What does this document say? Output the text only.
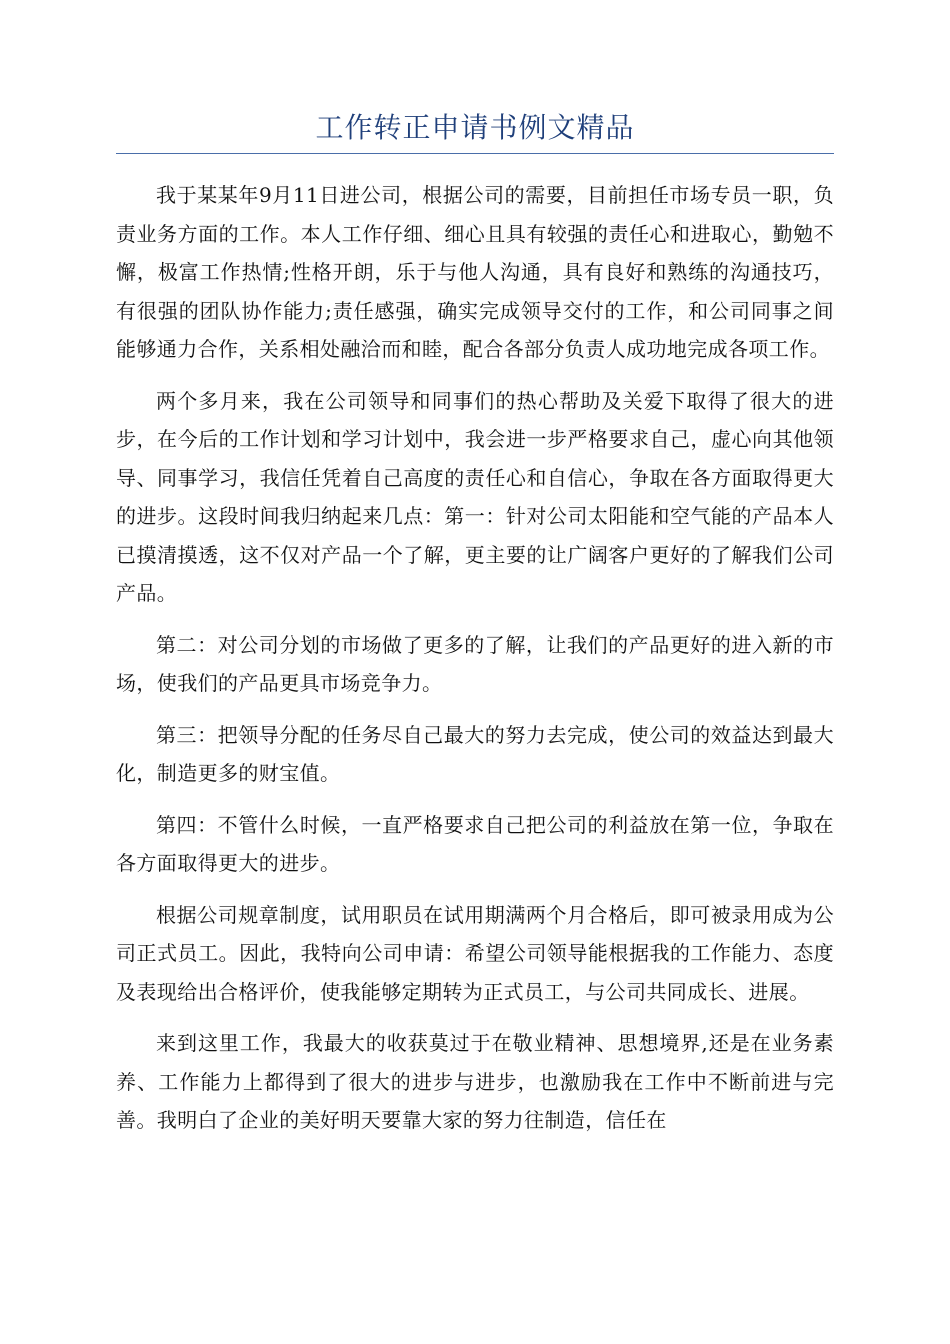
工作转正申请书例文精品

我于某某年9月11日进公司，根据公司的需要，目前担任市场专员一职，负责业务方面的工作。本人工作仔细、细心且具有较强的责任心和进取心，勤勉不懈，极富工作热情;性格开朗，乐于与他人沟通，具有良好和熟练的沟通技巧，有很强的团队协作能力;责任感强，确实完成领导交付的工作，和公司同事之间能够通力合作，关系相处融洽而和睦，配合各部分负责人成功地完成各项工作。

两个多月来，我在公司领导和同事们的热心帮助及关爱下取得了很大的进步，在今后的工作计划和学习计划中，我会进一步严格要求自己，虚心向其他领导、同事学习，我信任凭着自己高度的责任心和自信心，争取在各方面取得更大的进步。这段时间我归纳起来几点：第一：针对公司太阳能和空气能的产品本人已摸清摸透，这不仅对产品一个了解，更主要的让广阔客户更好的了解我们公司产品。

第二：对公司分划的市场做了更多的了解，让我们的产品更好的进入新的市场，使我们的产品更具市场竞争力。

第三：把领导分配的任务尽自己最大的努力去完成，使公司的效益达到最大化，制造更多的财宝值。

第四：不管什么时候，一直严格要求自己把公司的利益放在第一位，争取在各方面取得更大的进步。

根据公司规章制度，试用职员在试用期满两个月合格后，即可被录用成为公司正式员工。因此，我特向公司申请：希望公司领导能根据我的工作能力、态度及表现给出合格评价，使我能够定期转为正式员工，与公司共同成长、进展。

来到这里工作，我最大的收获莫过于在敬业精神、思想境界,还是在业务素养、工作能力上都得到了很大的进步与进步，也激励我在工作中不断前进与完善。我明白了企业的美好明天要靠大家的努力往制造，信任在
